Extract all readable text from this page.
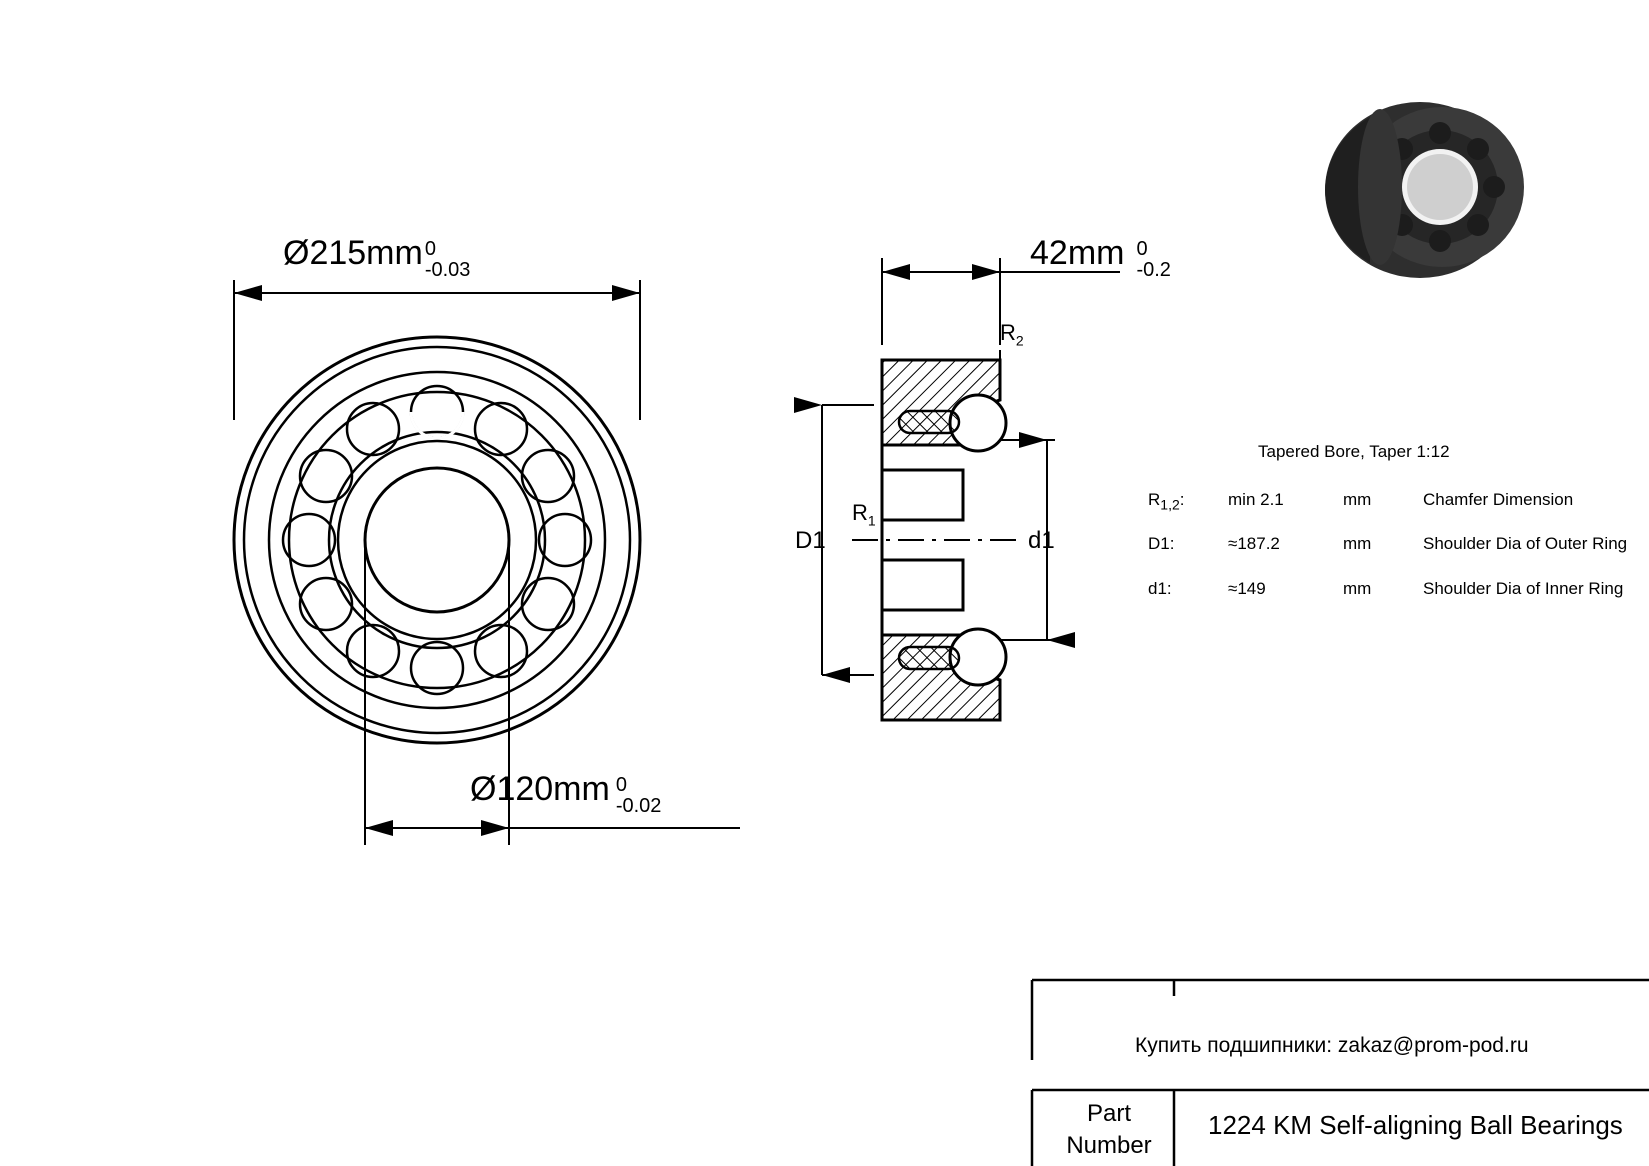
Ø215mm 0
-0.03
Ø120mm 0
-0.02
42mm 0
-0.2
$R_2$
$R_1$
D1	d1
Tapered Bore, Taper 1:12
$R_{1,2}$:	min 2.1	mm	Chamfer Dimension
D1:	≈187.2	mm	Shoulder Dia of Outer Ring
d1:	≈149	mm	Shoulder Dia of Inner Ring
Купить подшипники: zakaz@prom-pod.ru
Part
Number
1224 KM Self-aligning Ball Bearings
